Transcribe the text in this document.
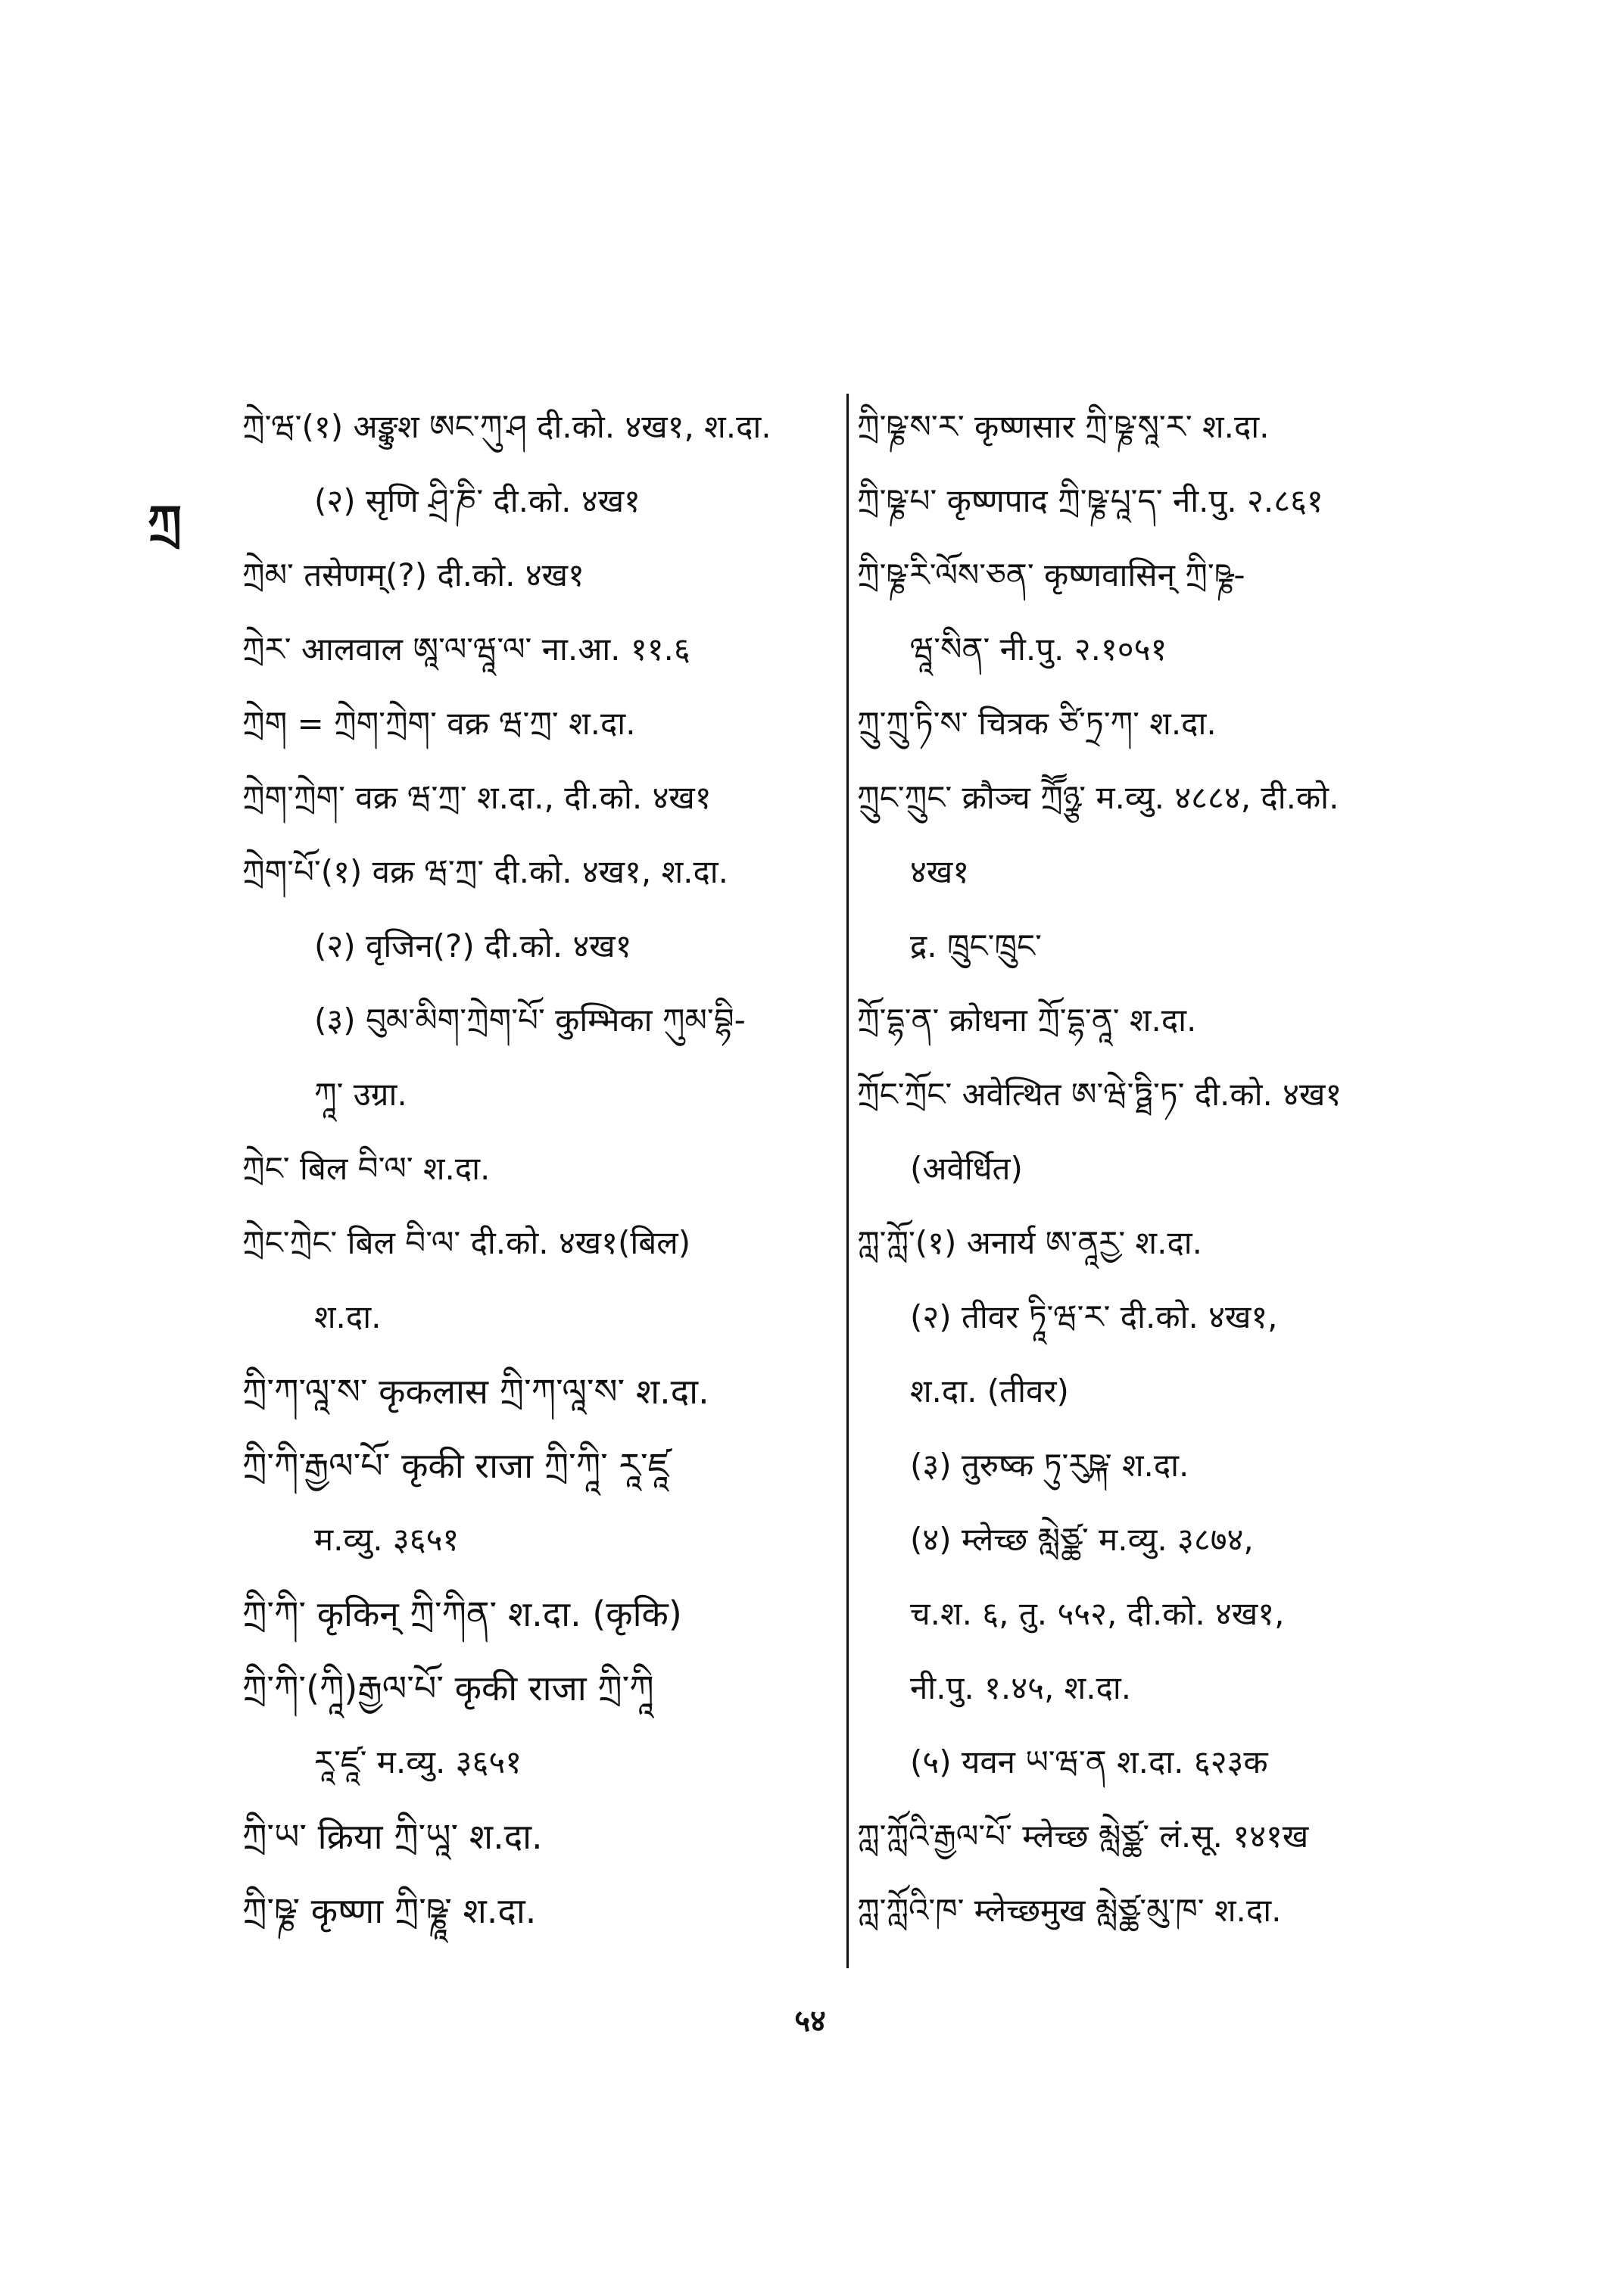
ཀྲ
ཀྲེ་ཝ་(१) अङ्कुश ཨང་ཀུ་ཤ दी.को. ४ख१, श.दा.
(२) सृणि ཤྲི་ཎི་ दी.को. ४ख१
ཀྲེམ་ तसेणम्(?) दी.को. ४ख१
ཀྲེར་ आलवाल ཨཱ་ལ་ཝཱ་ལ་ ना.आ. ११.६
ཀྲེག = ཀྲེག་ཀྲེག་ वक्र ཝ་ཀྲ་ श.दा.
ཀྲེག་ཀྲེག་ वक्र ཝ་ཀྲ་ श.दा., दी.को. ४ख१
ཀྲེག་པོ་(१) वक्र ཝ་ཀྲ་ दी.को. ४ख१, श.दा.
(२) वृजिन(?) दी.को. ४ख१
(३) བུམ་མིག་ཀྲེག་པོ་ कुम्भिका ཀུམ་བྷི-
ཀཱ་ उग्रा.
ཀྲེང་ बिल བི་ལ་ श.दा.
ཀྲེང་ཀྲེང་ बिल བི་ལ་ दी.को. ४ख१(बिल)
श.दा.
ཀྲི་ཀ་ལཱ་ས་ कृकलास ཀྲི་ཀ་ལཱ་ས་ श.दा.
ཀྲི་ཀི་རྒྱལ་པོ་ कृकी राजा ཀྲི་ཀཱི་ རཱ་ཛཱ
म.व्यु. ३६५१
ཀྲི་ཀི་ कृकिन् ཀྲི་ཀིན་ श.दा. (कृकि)
ཀྲི་ཀི་(ཀཱི)རྒྱལ་པོ་ कृकी राजा ཀྲི་ཀཱི
རཱ་ཛཱ་ म.व्यु. ३६५१
ཀྲི་ཡ་ क्रिया ཀྲི་ཡཱ་ श.दा.
ཀྲི་ཥྞ་ कृष्णा ཀྲི་ཥྞཱ་ श.दा.
ཀྲི་ཥྞ་ས་ར་ कृष्णसार ཀྲི་ཥྞ་སཱ་ར་ श.दा.
ཀྲི་ཥྞ་པ་ कृष्णपाद ཀྲི་ཥྞ་པཱ་ད་ नी.पु. २.८६१
ཀྲི་ཥྞ་རི་ལོས་ཅན་ कृष्णवासिन् ཀྲི་ཥྞ-
ཝཱ་སིན་ नी.पु. २.१०५१
ཀྲུ་ཀྲུ་ཏི་ས་ चित्रक ཙི་ཏྲ་ཀ་ श.दा.
ཀྲུང་ཀྲུང་ क्रौञ्च ཀྲཽཉྩ་ म.व्यु. ४८८४, दी.को.
४ख१
द्र. ཁྲུང་ཁྲུང་
ཀྲོ་དྷ་ན་ क्रोधना ཀྲོ་དྷ་ནཱ་ श.दा.
ཀྲོང་ཀྲོང་ अवेत्थित ཨ་ཝེ་ཏྠི་ཏ་ दी.को. ४ख१
(अवेर्धित)
ཀླ་ཀློ་(१) अनार्य ཨ་ནཱརྱ་ श.दा.
(२) तीवर ཏཱི་ཝ་ར་ दी.को. ४ख१,
श.दा. (तीवर)
(३) तुरुष्क ཏུ་རུཥྐ་ श.दा.
(४) म्लेच्छ མླེཙྪ་ म.व्यु. ३८७४,
च.श. ६, तु. ५५२, दी.को. ४ख१,
नी.पु. १.४५, श.दा.
(५) यवन ཡ་ཝ་ན श.दा. ६२३क
ཀླ་ཀློའི་རྒྱལ་པོ་ म्लेच्छ མླེཙྪ་ लं.सू. १४१ख
ཀླ་ཀློའི་ཁ་ म्लेच्छमुख མླེཙྪ་མུ་ཁ་ श.दा.
५४
